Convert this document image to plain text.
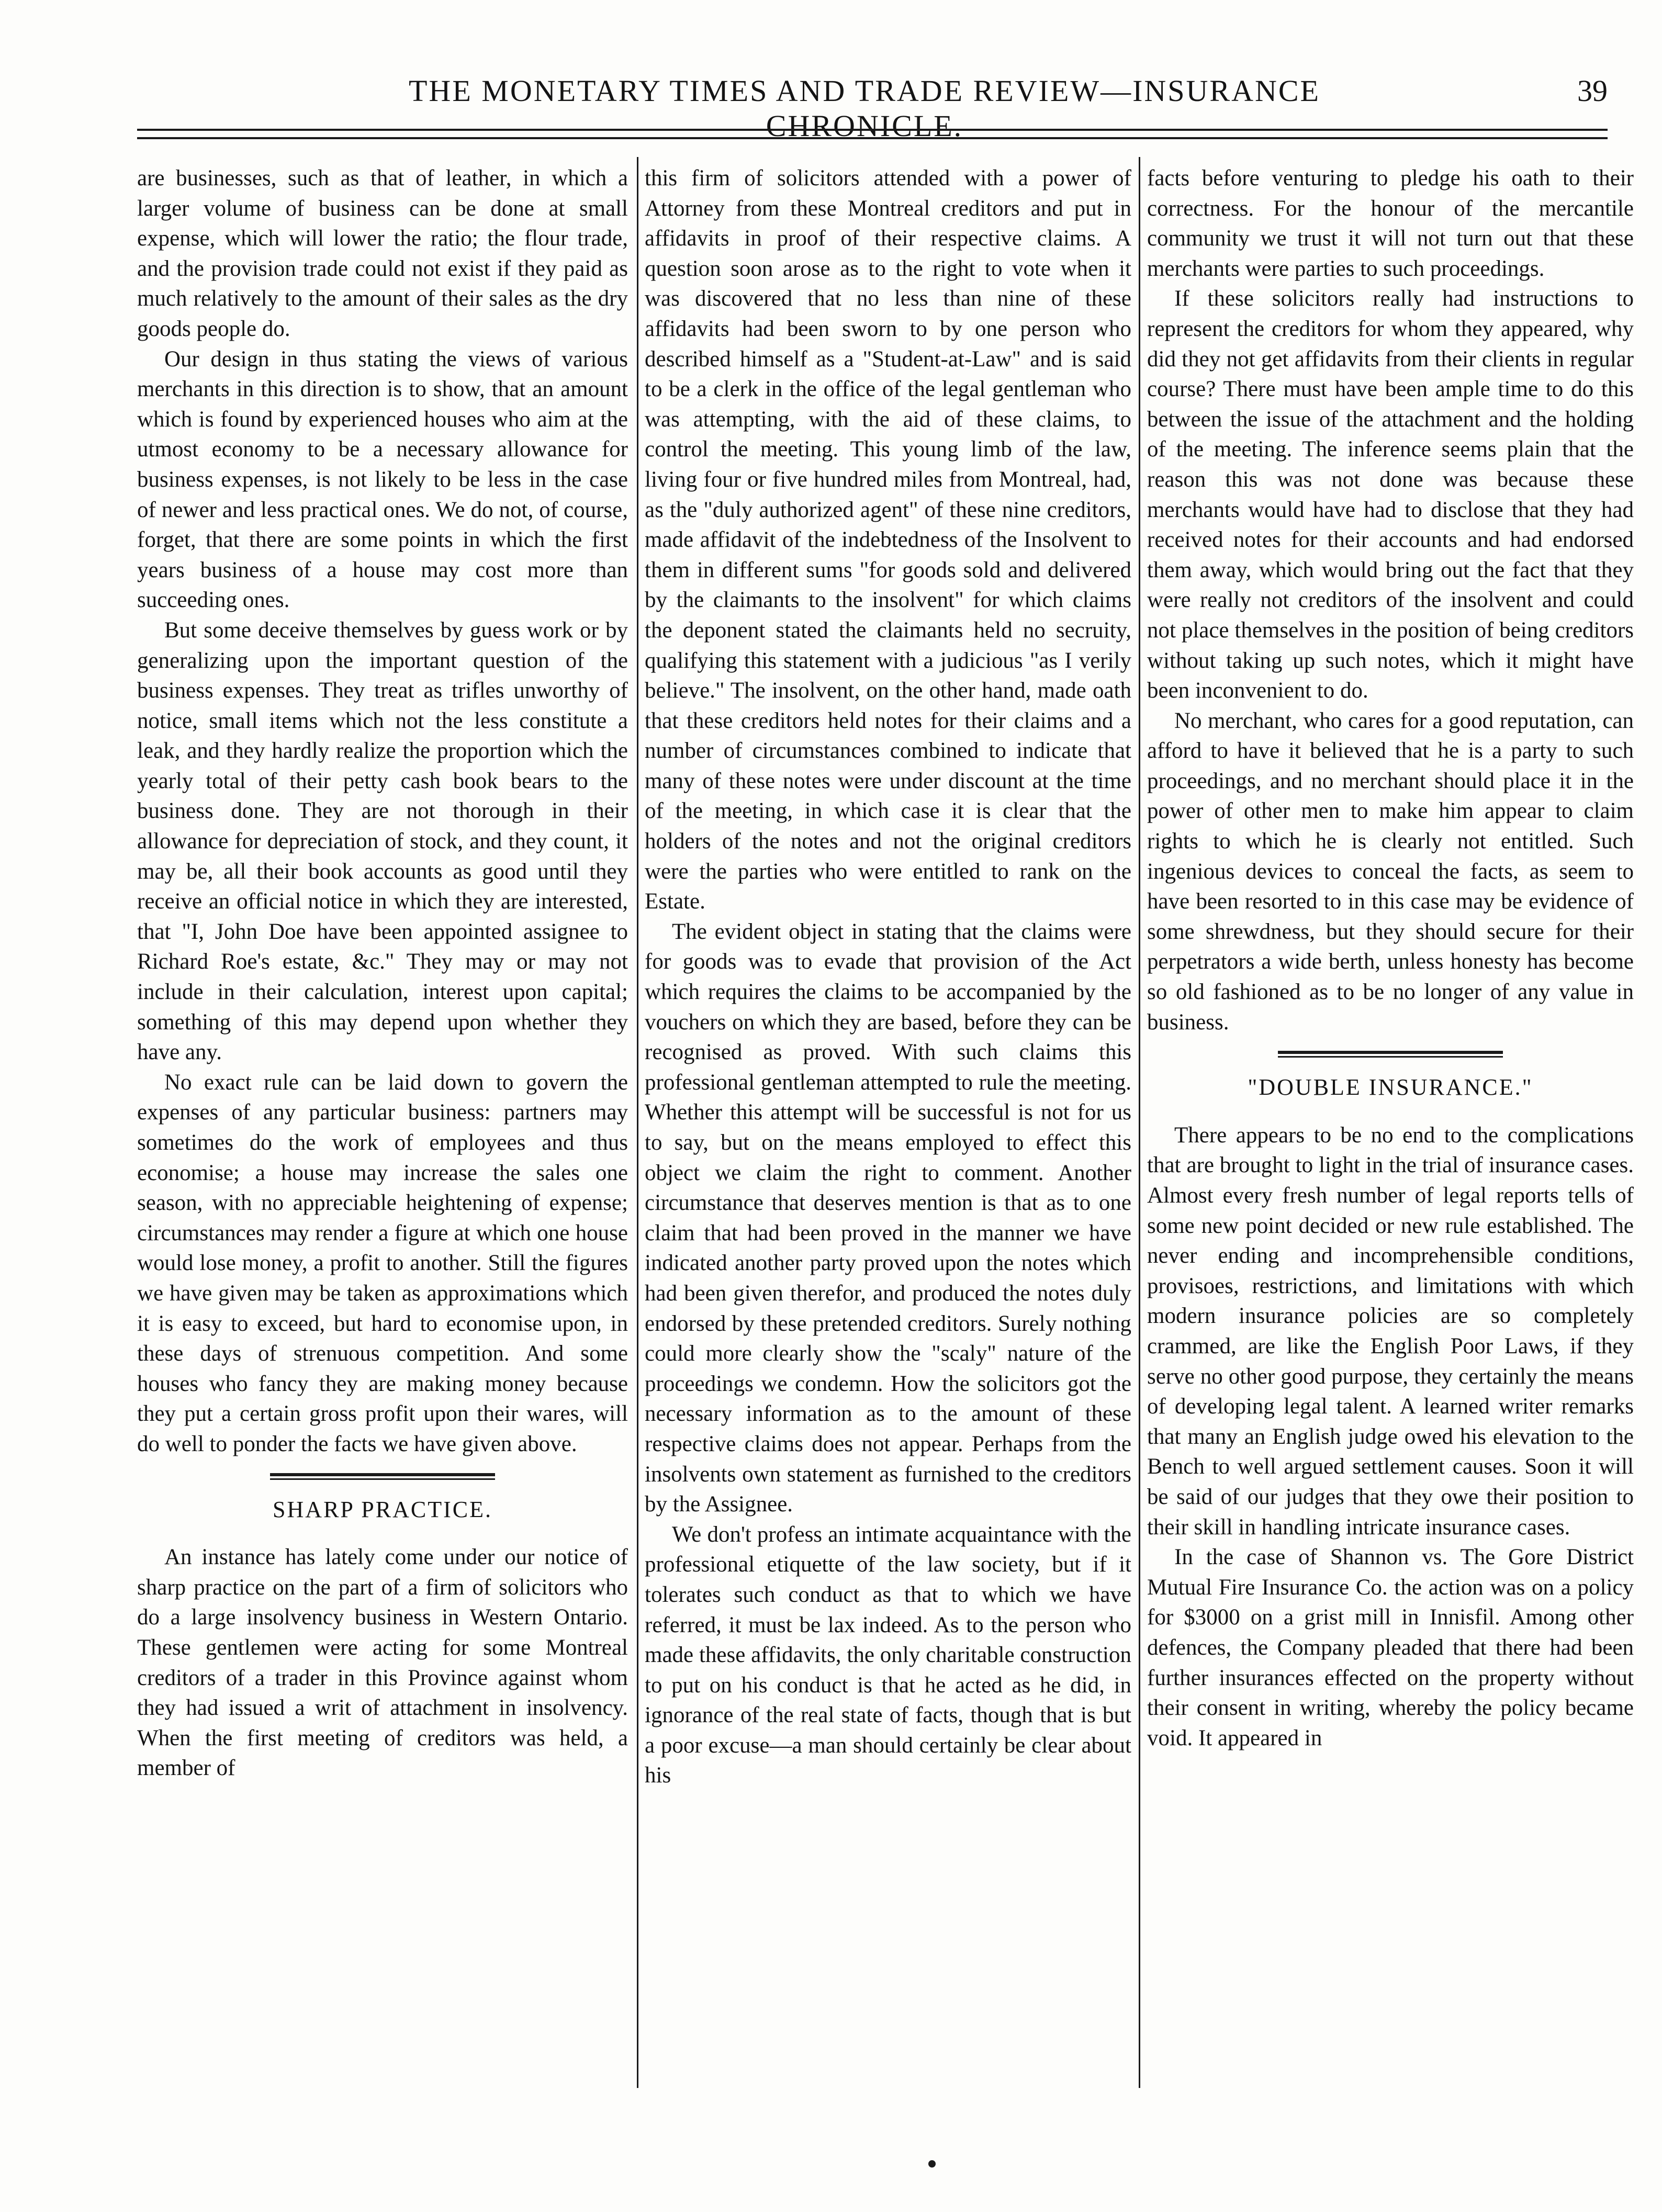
THE MONETARY TIMES AND TRADE REVIEW—INSURANCE CHRONICLE.
39

are businesses, such as that of leather, in which a larger volume of business can be done at small expense, which will lower the ratio; the flour trade, and the provision trade could not exist if they paid as much relatively to the amount of their sales as the dry goods people do.

Our design in thus stating the views of various merchants in this direction is to show, that an amount which is found by experienced houses who aim at the utmost economy to be a necessary allowance for business expenses, is not likely to be less in the case of newer and less practical ones. We do not, of course, forget, that there are some points in which the first years business of a house may cost more than succeeding ones.

But some deceive themselves by guess work or by generalizing upon the important question of the business expenses. They treat as trifles unworthy of notice, small items which not the less constitute a leak, and they hardly realize the proportion which the yearly total of their petty cash book bears to the business done. They are not thorough in their allowance for depreciation of stock, and they count, it may be, all their book accounts as good until they receive an official notice in which they are interested, that "I, John Doe have been appointed assignee to Richard Roe's estate, &c." They may or may not include in their calculation, interest upon capital; something of this may depend upon whether they have any.

No exact rule can be laid down to govern the expenses of any particular business: partners may sometimes do the work of employees and thus economise; a house may increase the sales one season, with no appreciable heightening of expense; circumstances may render a figure at which one house would lose money, a profit to another. Still the figures we have given may be taken as approximations which it is easy to exceed, but hard to economise upon, in these days of strenuous competition. And some houses who fancy they are making money because they put a certain gross profit upon their wares, will do well to ponder the facts we have given above.

SHARP PRACTICE.

An instance has lately come under our notice of sharp practice on the part of a firm of solicitors who do a large insolvency business in Western Ontario. These gentlemen were acting for some Montreal creditors of a trader in this Province against whom they had issued a writ of attachment in insolvency. When the first meeting of creditors was held, a member of

this firm of solicitors attended with a power of Attorney from these Montreal creditors and put in affidavits in proof of their respective claims. A question soon arose as to the right to vote when it was discovered that no less than nine of these affidavits had been sworn to by one person who described himself as a "Student-at-Law" and is said to be a clerk in the office of the legal gentleman who was attempting, with the aid of these claims, to control the meeting. This young limb of the law, living four or five hundred miles from Montreal, had, as the "duly authorized agent" of these nine creditors, made affidavit of the indebtedness of the Insolvent to them in different sums "for goods sold and delivered by the claimants to the insolvent" for which claims the deponent stated the claimants held no secruity, qualifying this statement with a judicious "as I verily believe." The insolvent, on the other hand, made oath that these creditors held notes for their claims and a number of circumstances combined to indicate that many of these notes were under discount at the time of the meeting, in which case it is clear that the holders of the notes and not the original creditors were the parties who were entitled to rank on the Estate.

The evident object in stating that the claims were for goods was to evade that provision of the Act which requires the claims to be accompanied by the vouchers on which they are based, before they can be recognised as proved. With such claims this professional gentleman attempted to rule the meeting. Whether this attempt will be successful is not for us to say, but on the means employed to effect this object we claim the right to comment. Another circumstance that deserves mention is that as to one claim that had been proved in the manner we have indicated another party proved upon the notes which had been given therefor, and produced the notes duly endorsed by these pretended creditors. Surely nothing could more clearly show the "scaly" nature of the proceedings we condemn. How the solicitors got the necessary information as to the amount of these respective claims does not appear. Perhaps from the insolvents own statement as furnished to the creditors by the Assignee.

We don't profess an intimate acquaintance with the professional etiquette of the law society, but if it tolerates such conduct as that to which we have referred, it must be lax indeed. As to the person who made these affidavits, the only charitable construction to put on his conduct is that he acted as he did, in ignorance of the real state of facts, though that is but a poor excuse—a man should certainly be clear about his

facts before venturing to pledge his oath to their correctness. For the honour of the mercantile community we trust it will not turn out that these merchants were parties to such proceedings.

If these solicitors really had instructions to represent the creditors for whom they appeared, why did they not get affidavits from their clients in regular course? There must have been ample time to do this between the issue of the attachment and the holding of the meeting. The inference seems plain that the reason this was not done was because these merchants would have had to disclose that they had received notes for their accounts and had endorsed them away, which would bring out the fact that they were really not creditors of the insolvent and could not place themselves in the position of being creditors without taking up such notes, which it might have been inconvenient to do.

No merchant, who cares for a good reputation, can afford to have it believed that he is a party to such proceedings, and no merchant should place it in the power of other men to make him appear to claim rights to which he is clearly not entitled. Such ingenious devices to conceal the facts, as seem to have been resorted to in this case may be evidence of some shrewdness, but they should secure for their perpetrators a wide berth, unless honesty has become so old fashioned as to be no longer of any value in business.

"DOUBLE INSURANCE."

There appears to be no end to the complications that are brought to light in the trial of insurance cases. Almost every fresh number of legal reports tells of some new point decided or new rule established. The never ending and incomprehensible conditions, provisoes, restrictions, and limitations with which modern insurance policies are so completely crammed, are like the English Poor Laws, if they serve no other good purpose, they certainly the means of developing legal talent. A learned writer remarks that many an English judge owed his elevation to the Bench to well argued settlement causes. Soon it will be said of our judges that they owe their position to their skill in handling intricate insurance cases.

In the case of Shannon vs. The Gore District Mutual Fire Insurance Co. the action was on a policy for $3000 on a grist mill in Innisfil. Among other defences, the Company pleaded that there had been further insurances effected on the property without their consent in writing, whereby the policy became void. It appeared in
